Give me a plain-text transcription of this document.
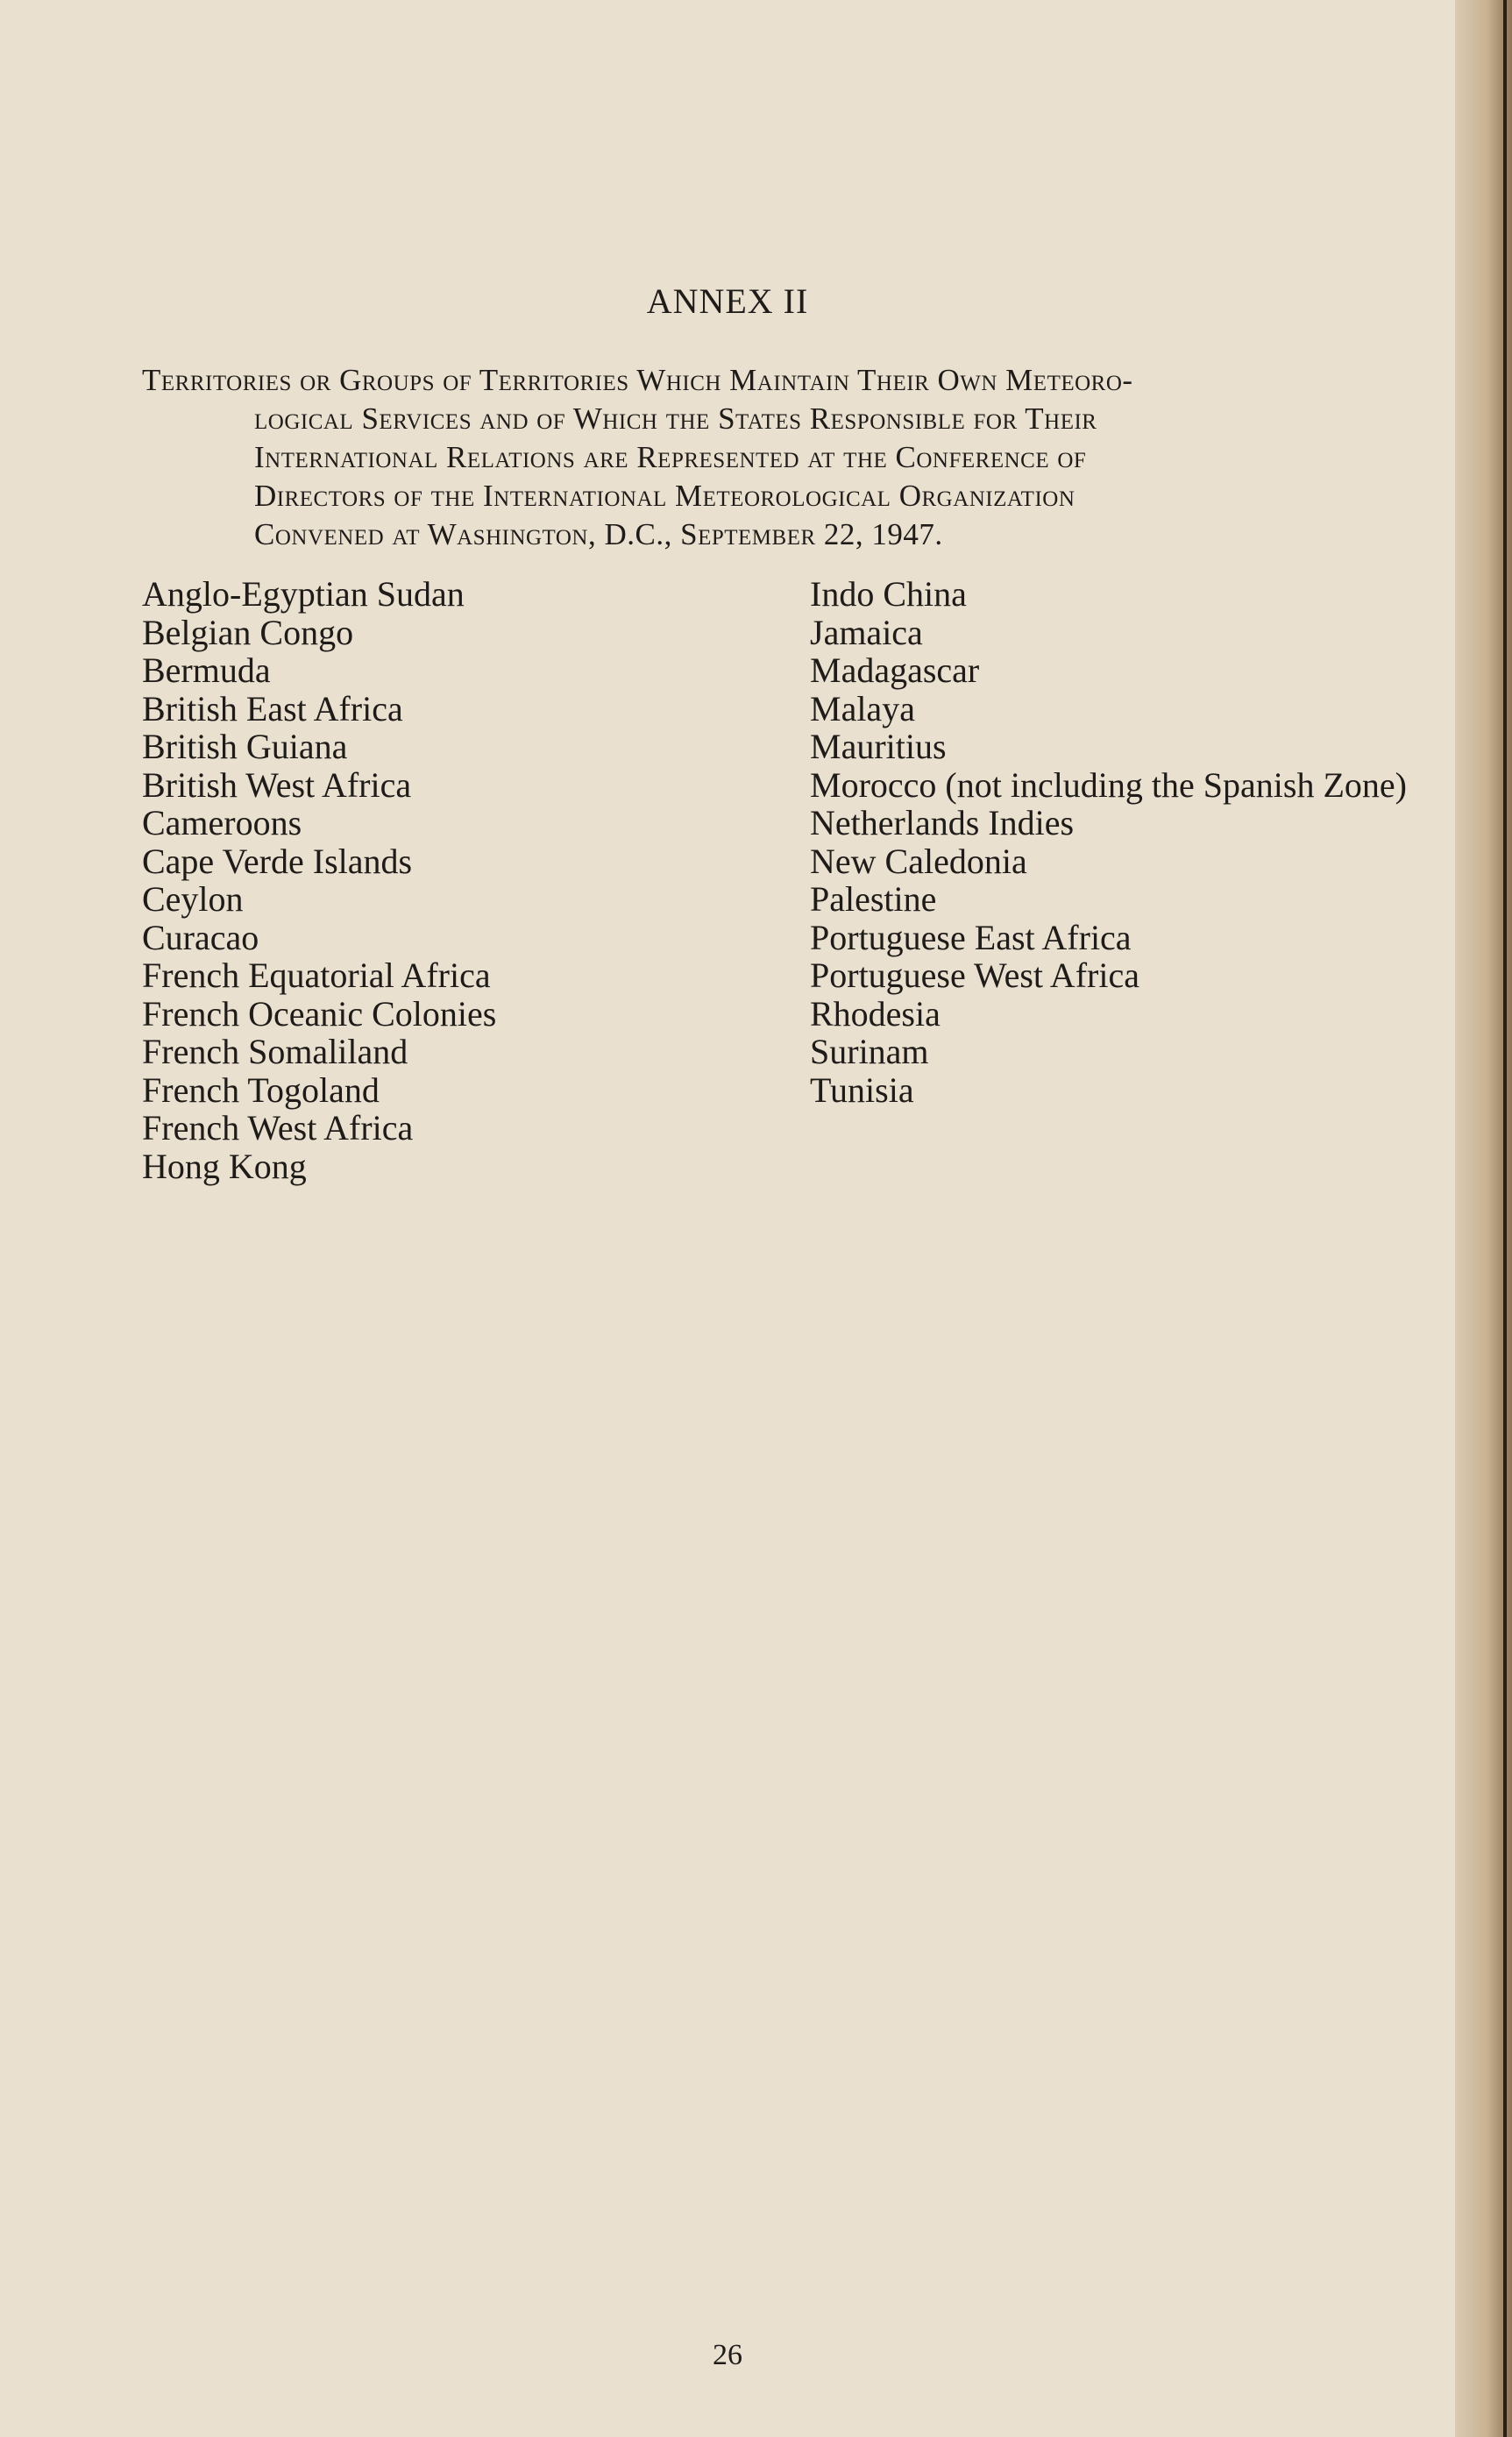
ANNEX II

Territories or Groups of Territories Which Maintain Their Own Meteoro-
logical Services and of Which the States Responsible for Their
International Relations are Represented at the Conference of
Directors of the International Meteorological Organization
Convened at Washington, D.C., September 22, 1947.

Anglo-Egyptian Sudan
Belgian Congo
Bermuda
British East Africa
British Guiana
British West Africa
Cameroons
Cape Verde Islands
Ceylon
Curacao
French Equatorial Africa
French Oceanic Colonies
French Somaliland
French Togoland
French West Africa
Hong Kong
Indo China
Jamaica
Madagascar
Malaya
Mauritius
Morocco (not including the Spanish Zone)
Netherlands Indies
New Caledonia
Palestine
Portuguese East Africa
Portuguese West Africa
Rhodesia
Surinam
Tunisia
26
